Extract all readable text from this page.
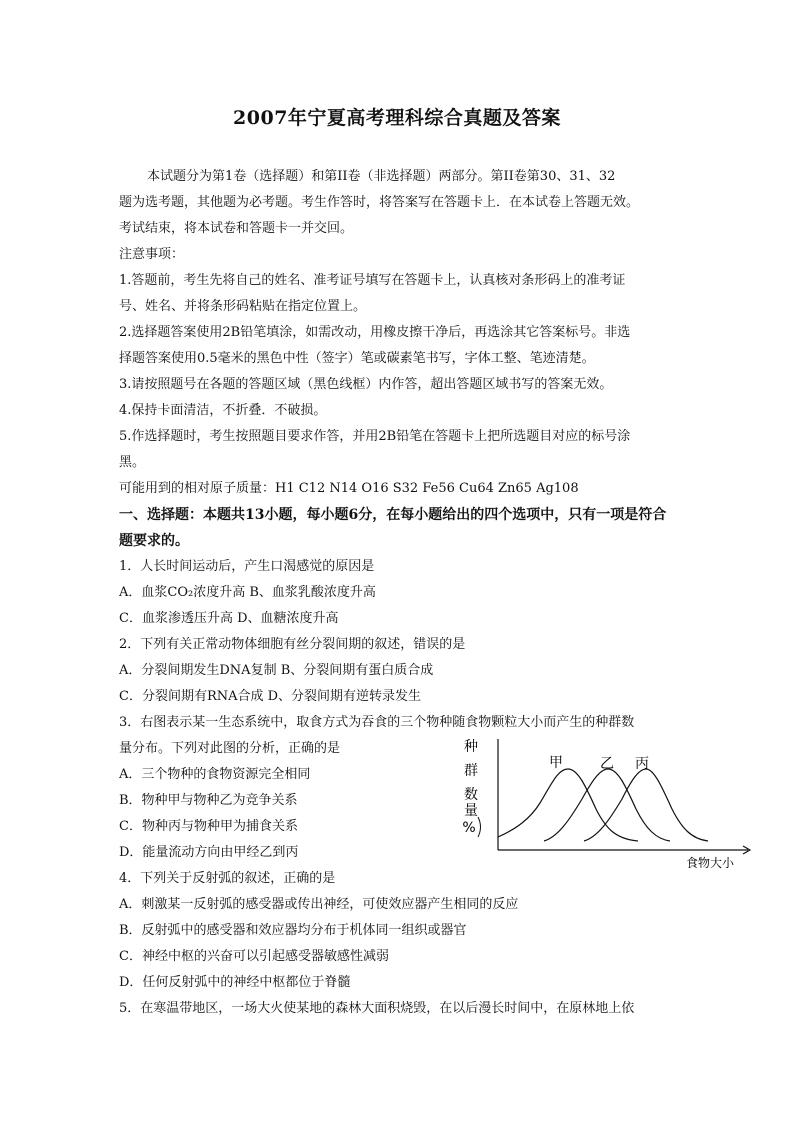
2007年宁夏高考理科综合真题及答案
本试题分为第1卷（选择题）和第II卷（非选择题）两部分。第II卷第30、31、32
题为选考题，其他题为必考题。考生作答时，将答案写在答题卡上．在本试卷上答题无效。
考试结束，将本试卷和答题卡一并交回。
注意事项：
1.答题前，考生先将自己的姓名、准考证号填写在答题卡上，认真核对条形码上的准考证
号、姓名、并将条形码粘贴在指定位置上。
2.选择题答案使用2B铅笔填涂，如需改动，用橡皮擦干净后，再选涂其它答案标号。非选
择题答案使用0.5毫米的黑色中性（签字）笔或碳素笔书写，字体工整、笔迹清楚。
3.请按照题号在各题的答题区域（黑色线框）内作答，超出答题区域书写的答案无效。
4.保持卡面清洁，不折叠．不破损。
5.作选择题时，考生按照题目要求作答，并用2B铅笔在答题卡上把所选题目对应的标号涂
黑。
可能用到的相对原子质量：H1 C12 N14 O16 S32 Fe56 Cu64 Zn65 Ag108
一、选择题：本题共13小题，每小题6分，在每小题给出的四个选项中，只有一项是符合
题要求的。
1．人长时间运动后，产生口渴感觉的原因是
A．血浆CO₂浓度升高 B、血浆乳酸浓度升高
C．血浆渗透压升高 D、血糖浓度升高
2．下列有关正常动物体细胞有丝分裂间期的叙述，错误的是
A．分裂间期发生DNA复制 B、分裂间期有蛋白质合成
C．分裂间期有RNA合成 D、分裂间期有逆转录发生
3．右图表示某一生态系统中，取食方式为吞食的三个物种随食物颗粒大小而产生的种群数
量分布。下列对此图的分析，正确的是
A．三个物种的食物资源完全相同
B．物种甲与物种乙为竞争关系
C．物种丙与物种甲为捕食关系
D．能量流动方向由甲经乙到丙
种
群
数
量
%
甲	乙 丙
食物大小
4．下列关于反射弧的叙述，正确的是
A．刺激某一反射弧的感受器或传出神经，可使效应器产生相同的反应
B．反射弧中的感受器和效应器均分布于机体同一组织或器官
C．神经中枢的兴奋可以引起感受器敏感性减弱
D．任何反射弧中的神经中枢都位于脊髓
5．在寒温带地区，一场大火使某地的森林大面积烧毁，在以后漫长时间中，在原林地上依
